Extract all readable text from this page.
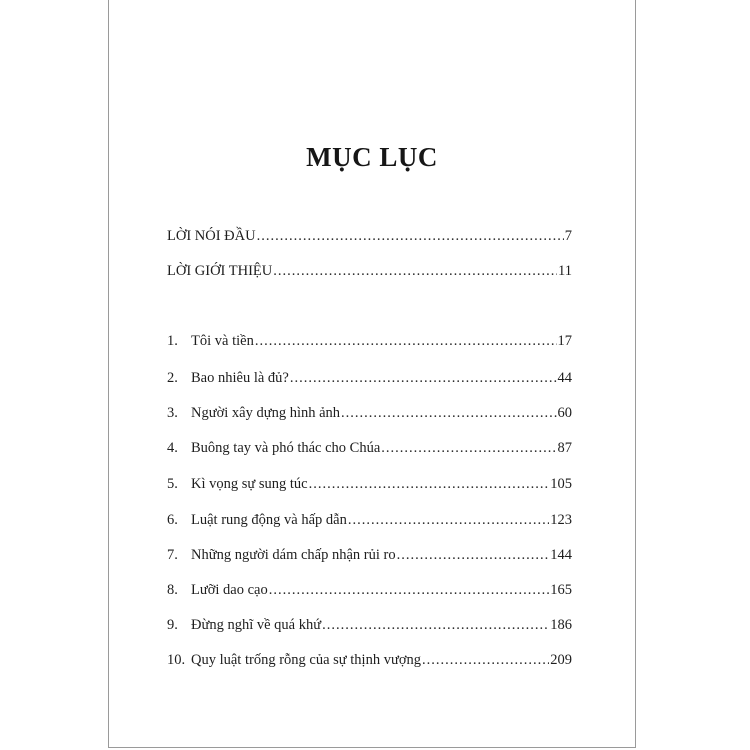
MỤC LỤC
LỜI NÓI ĐẦU .....	7
LỜI GIỚI THIỆU .....	11
1. Tôi và tiền .....	17
2. Bao nhiêu là đủ? .....	44
3. Người xây dựng hình ảnh .....	60
4. Buông tay và phó thác cho Chúa .....	87
5. Kì vọng sự sung túc .....	105
6. Luật rung động và hấp dẫn .....	123
7. Những người dám chấp nhận rủi ro .....	144
8. Lưỡi dao cạo .....	165
9. Đừng nghĩ về quá khứ .....	186
10. Quy luật trống rỗng của sự thịnh vượng .....	209
